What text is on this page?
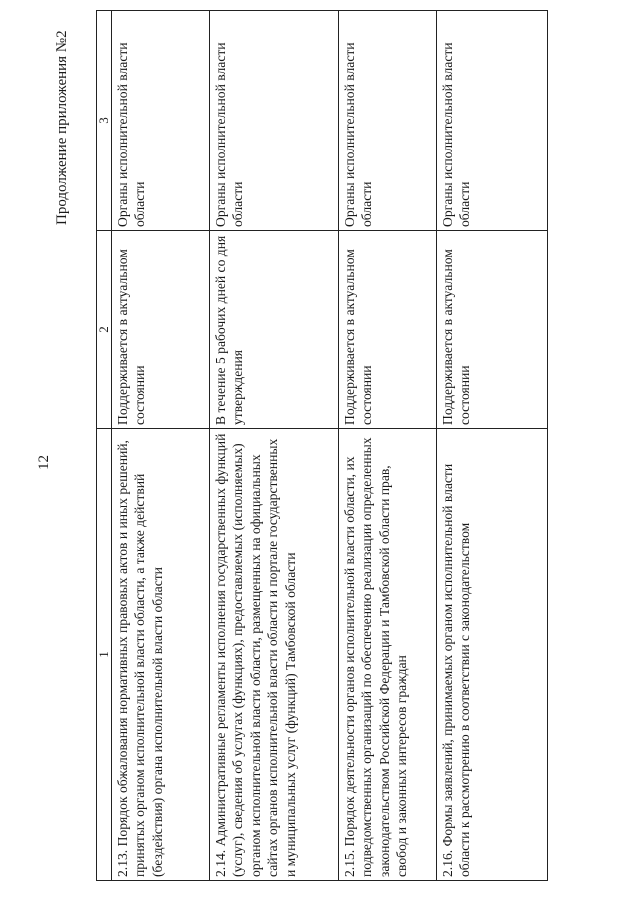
12
Продолжение приложения №2
1	2	3
2.13. Порядок обжалования нормативных правовых актов и иных решений, принятых органом исполнительной власти области, а также действий (бездействия) органа исполнительной власти области	Поддерживается в актуальном состоянии	Органы исполнительной власти области
2.14. Административные регламенты исполнения государственных функций (услуг), сведения об услугах (функциях), предоставляемых (исполняемых) органом исполнительной власти области, размещенных на официальных сайтах органов исполнительной власти области и портале государственных и муниципальных услуг (функций) Тамбовской области	В течение 5 рабочих дней со дня утверждения	Органы исполнительной власти области
2.15. Порядок деятельности органов исполнительной власти области, их подведомственных организаций по обеспечению реализации определенных законодательством Российской Федерации и Тамбовской области прав, свобод и законных интересов граждан	Поддерживается в актуальном состоянии	Органы исполнительной власти области
2.16. Формы заявлений, принимаемых органом исполнительной власти области к рассмотрению в соответствии с законодательством	Поддерживается в актуальном состоянии	Органы исполнительной власти области
